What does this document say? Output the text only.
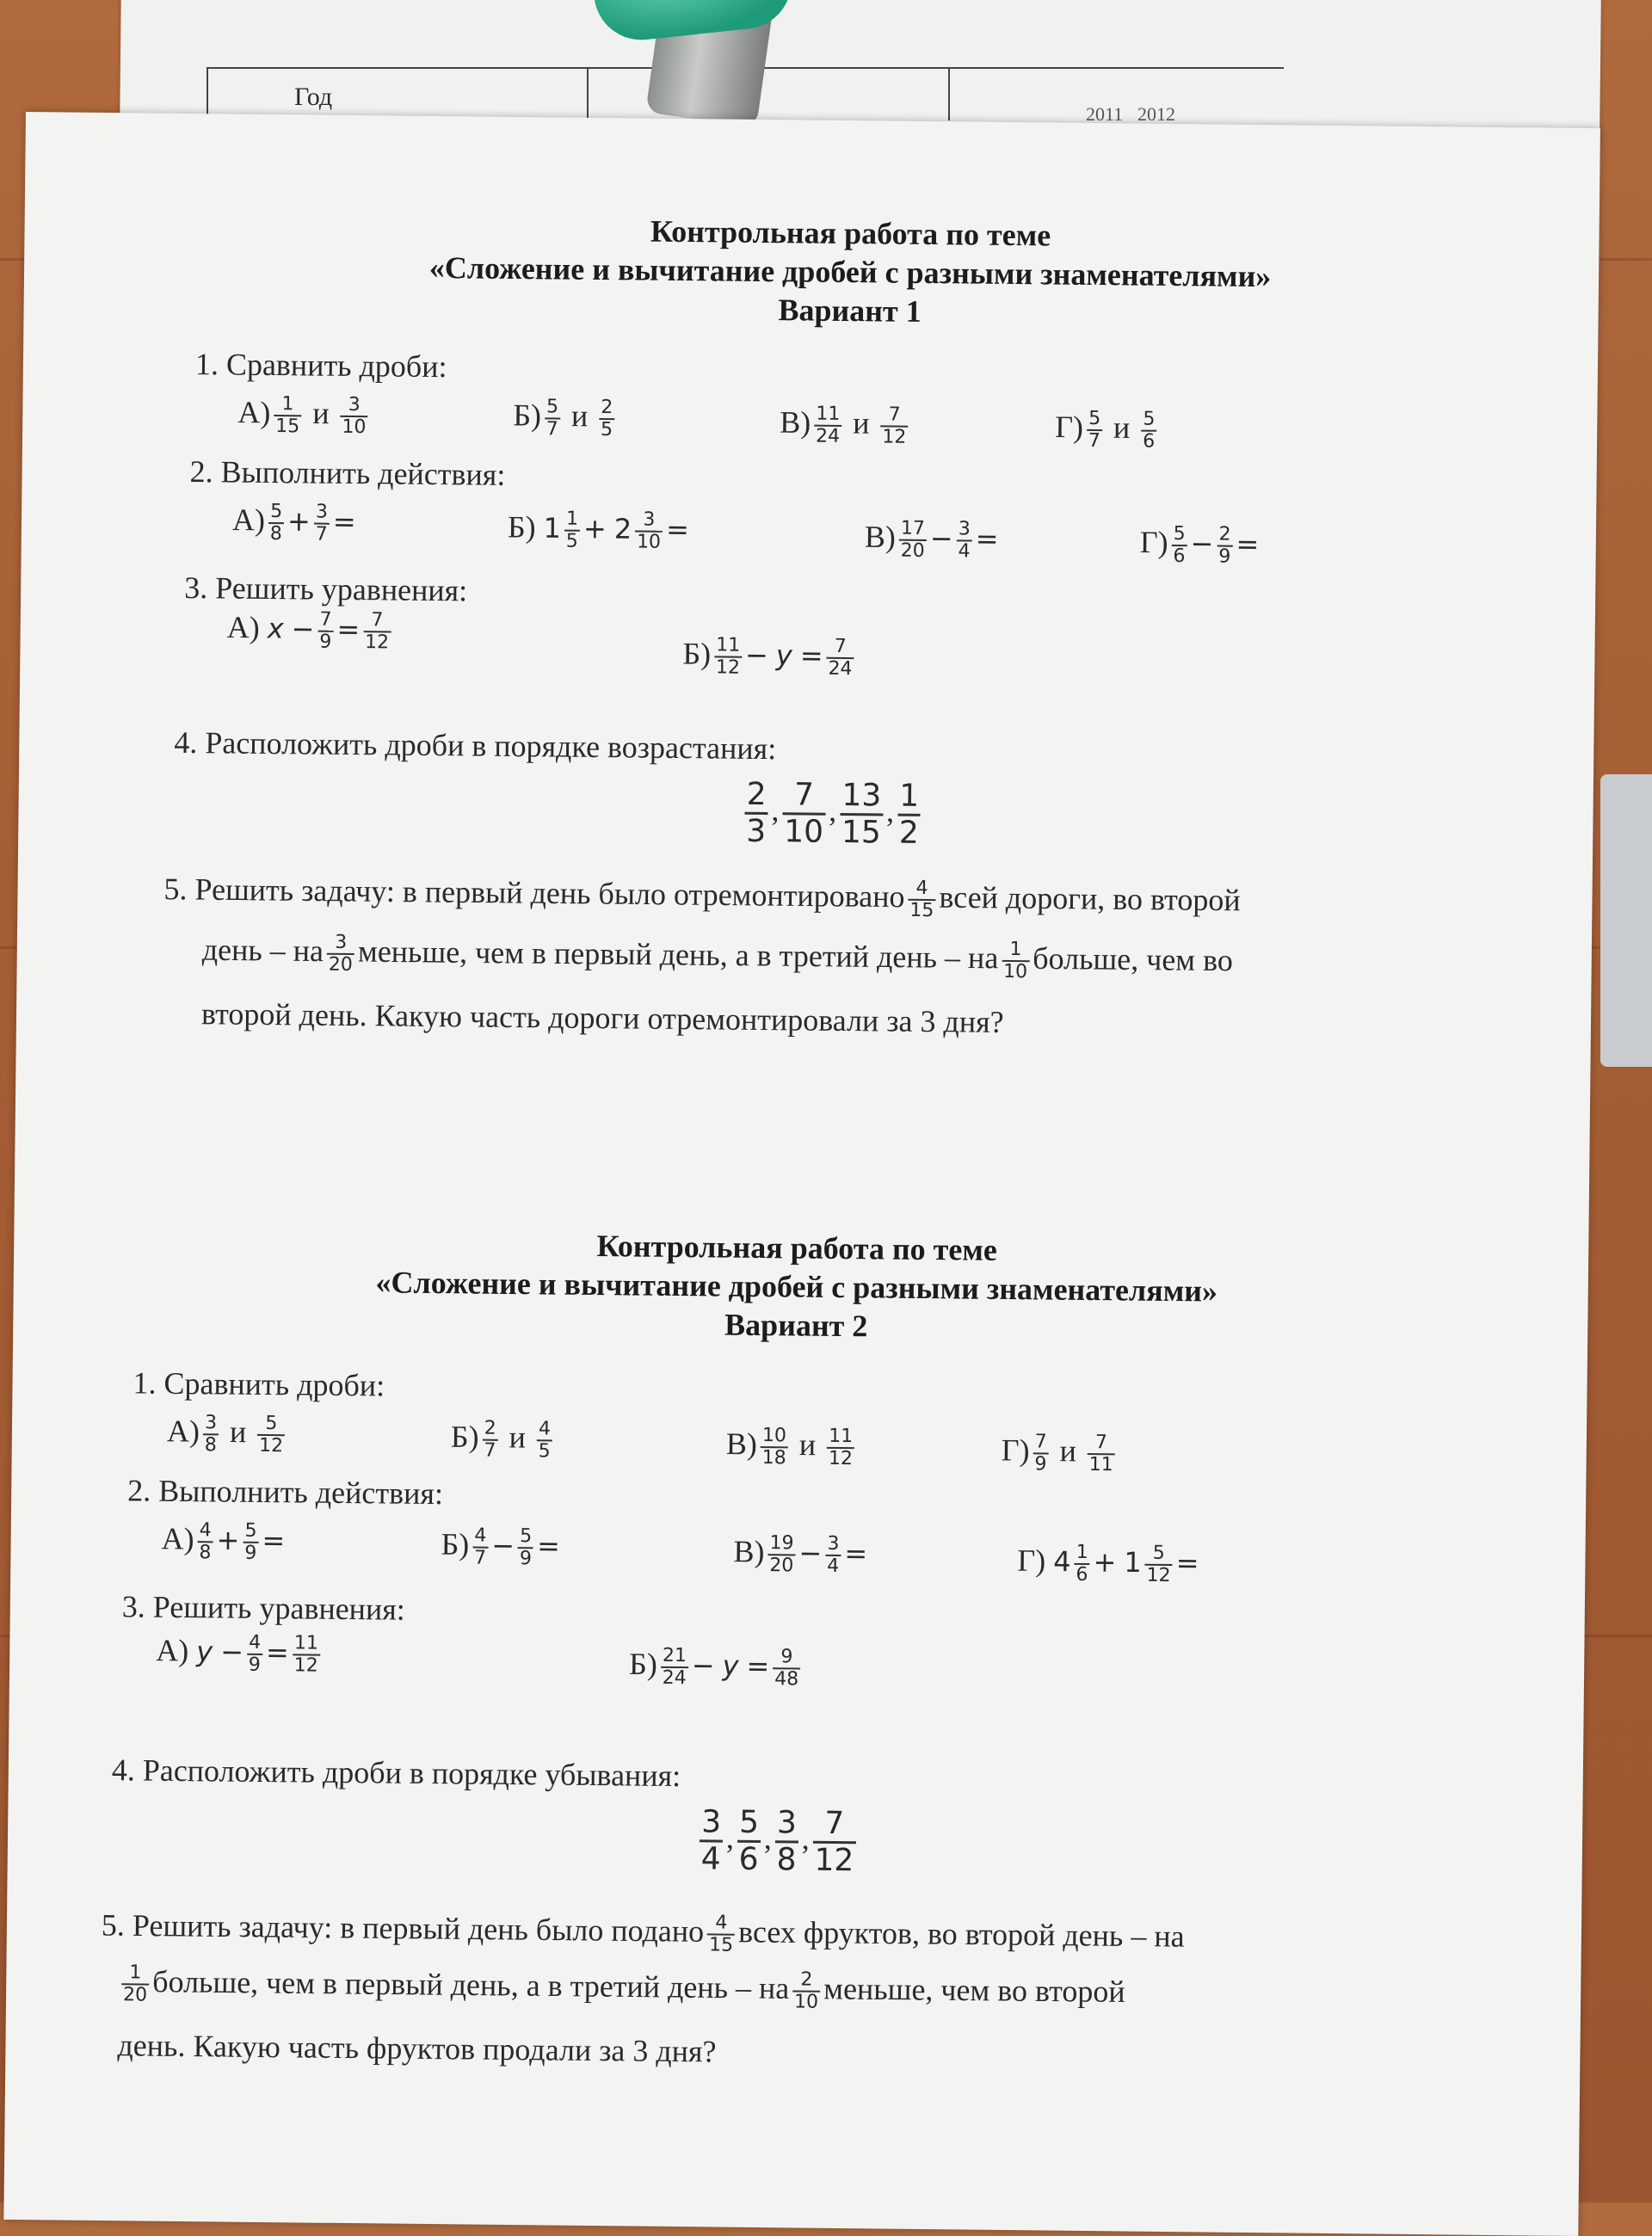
Год
2011 2012
Контрольная работа по теме
«Сложение и вычитание дробей с разными знаменателями»
Вариант 1
1. Сравнить дроби:
$А) \frac{1}{15}$ и $\frac{3}{10}$	$Б) \frac{5}{7}$ и $\frac{2}{5}$	$В) \frac{11}{24}$ и $\frac{7}{12}$	$Г) \frac{5}{7}$ и $\frac{5}{6}$
2. Выполнить действия:
$А) \frac{5}{8} + \frac{3}{7}$ =	Б) $1 \frac{1}{5} + 2 \frac{3}{10}$ =	$В) \frac{17}{20} - \frac{3}{4}$ =	$Г) \frac{5}{6} - \frac{2}{9}$ =
3. Решить уравнения:
А) $x - \frac{7}{9} = \frac{7}{12}$	$Б) \frac{11}{12} - y = \frac{7}{24}$
4. Расположить дроби в порядке возрастания:
$\frac{2}{3}$ , $\frac{7}{10}$ , $\frac{13}{15}$ , $\frac{1}{2}$
5. Решить задачу: в первый день было отремонтировано $\frac{4}{15}$ всей дороги, во второй
день – на $\frac{3}{20}$ меньше, чем в первый день, а в третий день – на $\frac{1}{10}$ больше, чем во
второй день. Какую часть дороги отремонтировали за 3 дня?
Контрольная работа по теме
«Сложение и вычитание дробей с разными знаменателями»
Вариант 2
1. Сравнить дроби:
$А) \frac{3}{8}$ и $\frac{5}{12}$	$Б) \frac{2}{7}$ и $\frac{4}{5}$	$В) \frac{10}{18}$ и $\frac{11}{12}$	$Г) \frac{7}{9}$ и $\frac{7}{11}$
2. Выполнить действия:
$А) \frac{4}{8} + \frac{5}{9}$ =	$Б) \frac{4}{7} - \frac{5}{9}$ =	$В) \frac{19}{20} - \frac{3}{4}$ =	Г) $4 \frac{1}{6} + 1 \frac{5}{12}$ =
3. Решить уравнения:
А) $y - \frac{4}{9} = \frac{11}{12}$	$Б) \frac{21}{24} - y = \frac{9}{48}$
4. Расположить дроби в порядке убывания:
$\frac{3}{4}$ , $\frac{5}{6}$ , $\frac{3}{8}$ , $\frac{7}{12}$
5. Решить задачу: в первый день было подано $\frac{4}{15}$ всех фруктов, во второй день – на
$\frac{1}{20}$ больше, чем в первый день, а в третий день – на $\frac{2}{10}$ меньше, чем во второй
день. Какую часть фруктов продали за 3 дня?
